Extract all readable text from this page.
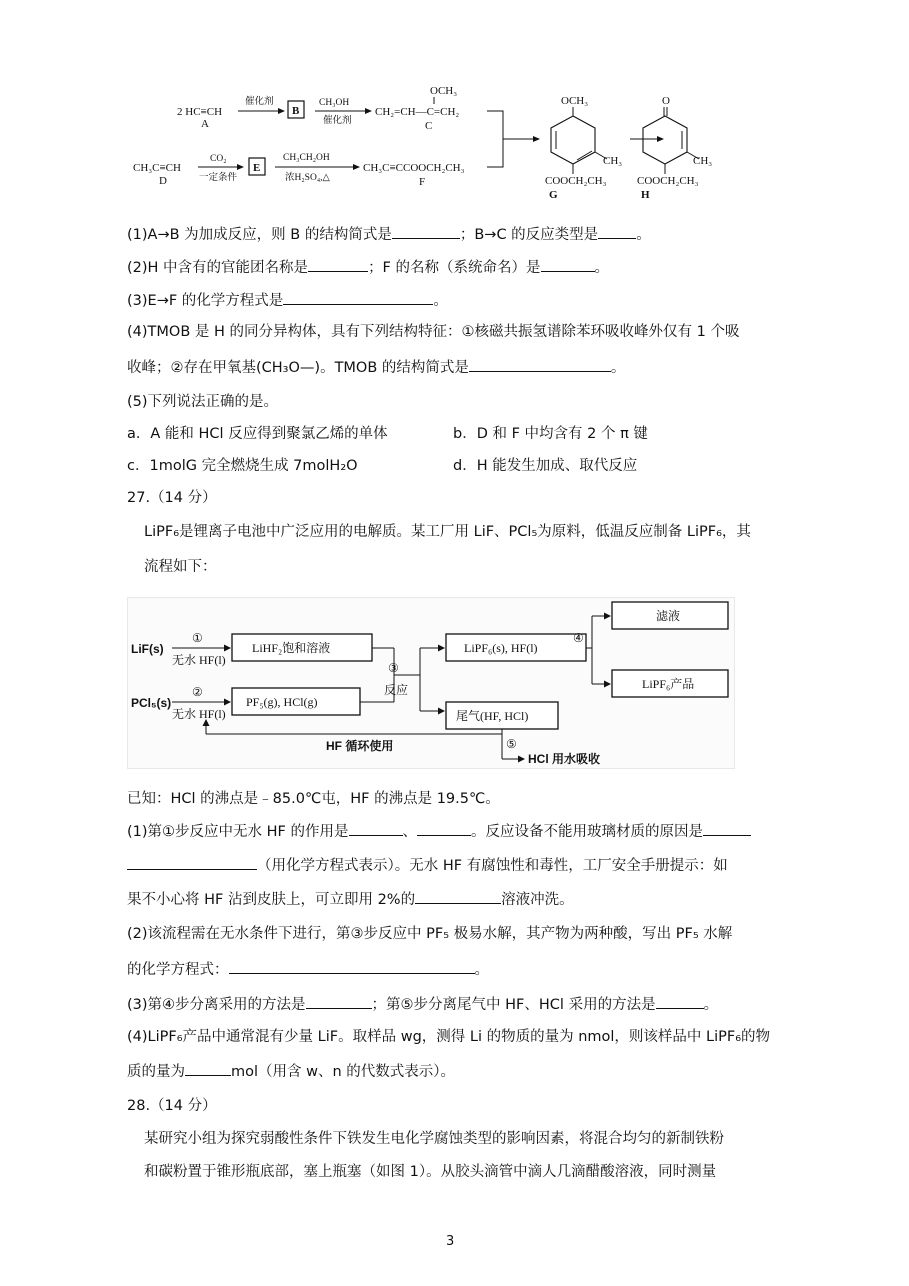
2 HC≡CH
A
催化剂
B
CH₃OH
催化剂
OCH₃
CH₂=CH—C=CH₂
C
CH₃C≡CH
D
CO₂
一定条件
E
CH₃CH₂OH
浓H₂SO₄,△
CH₃C≡CCOOCH₂CH₃
F
OCH₃
CH₃
COOCH₂CH₃
G
O
CH₃
COOCH₂CH₃
H
(1)A→B 为加成反应，则 B 的结构简式是	；B→C 的反应类型是	。
(2)H 中含有的官能团名称是	；F 的名称（系统命名）是	。
(3)E→F 的化学方程式是	。
(4)TMOB 是 H 的同分异构体，具有下列结构特征：①核磁共振氢谱除苯环吸收峰外仅有 1 个吸
收峰；②存在甲氧基(CH₃O—)。TMOB 的结构简式是	。
(5)下列说法正确的是。
a．A 能和 HCl 反应得到聚氯乙烯的单体	b．D 和 F 中均含有 2 个 π 键
c．1molG 完全燃烧生成 7molH₂O	d．H 能发生加成、取代反应
27.（14 分）
LiPF₆是锂离子电池中广泛应用的电解质。某工厂用 LiF、PCl₅为原料，低温反应制备 LiPF₆，其
流程如下：
LiF(s)
PCl₅(s)
①
②
无水 HF(l)
无水 HF(l)
LiHF₂饱和溶液
PF₅(g), HCl(g)
③
反应
LiPF₆(s), HF(l)
尾气(HF, HCl)
④
滤液
LiPF₆产品
⑤
HF 循环使用
HCl 用水吸收
已知：HCl 的沸点是﹣85.0℃屯，HF 的沸点是 19.5℃。
(1)第①步反应中无水 HF 的作用是	、	。反应设备不能用玻璃材质的原因是
（用化学方程式表示）。无水 HF 有腐蚀性和毒性，工厂安全手册提示：如
果不小心将 HF 沾到皮肤上，可立即用 2%的	溶液冲洗。
(2)该流程需在无水条件下进行，第③步反应中 PF₅ 极易水解，其产物为两种酸，写出 PF₅ 水解
的化学方程式：	。
(3)第④步分离采用的方法是	；第⑤步分离尾气中 HF、HCl 采用的方法是	。
(4)LiPF₆产品中通常混有少量 LiF。取样品 wg，测得 Li 的物质的量为 nmol，则该样品中 LiPF₆的物
质的量为	mol（用含 w、n 的代数式表示）。
28.（14 分）
某研究小组为探究弱酸性条件下铁发生电化学腐蚀类型的影响因素，将混合均匀的新制铁粉
和碳粉置于锥形瓶底部，塞上瓶塞（如图 1）。从胶头滴管中滴人几滴醋酸溶液，同时测量
3
